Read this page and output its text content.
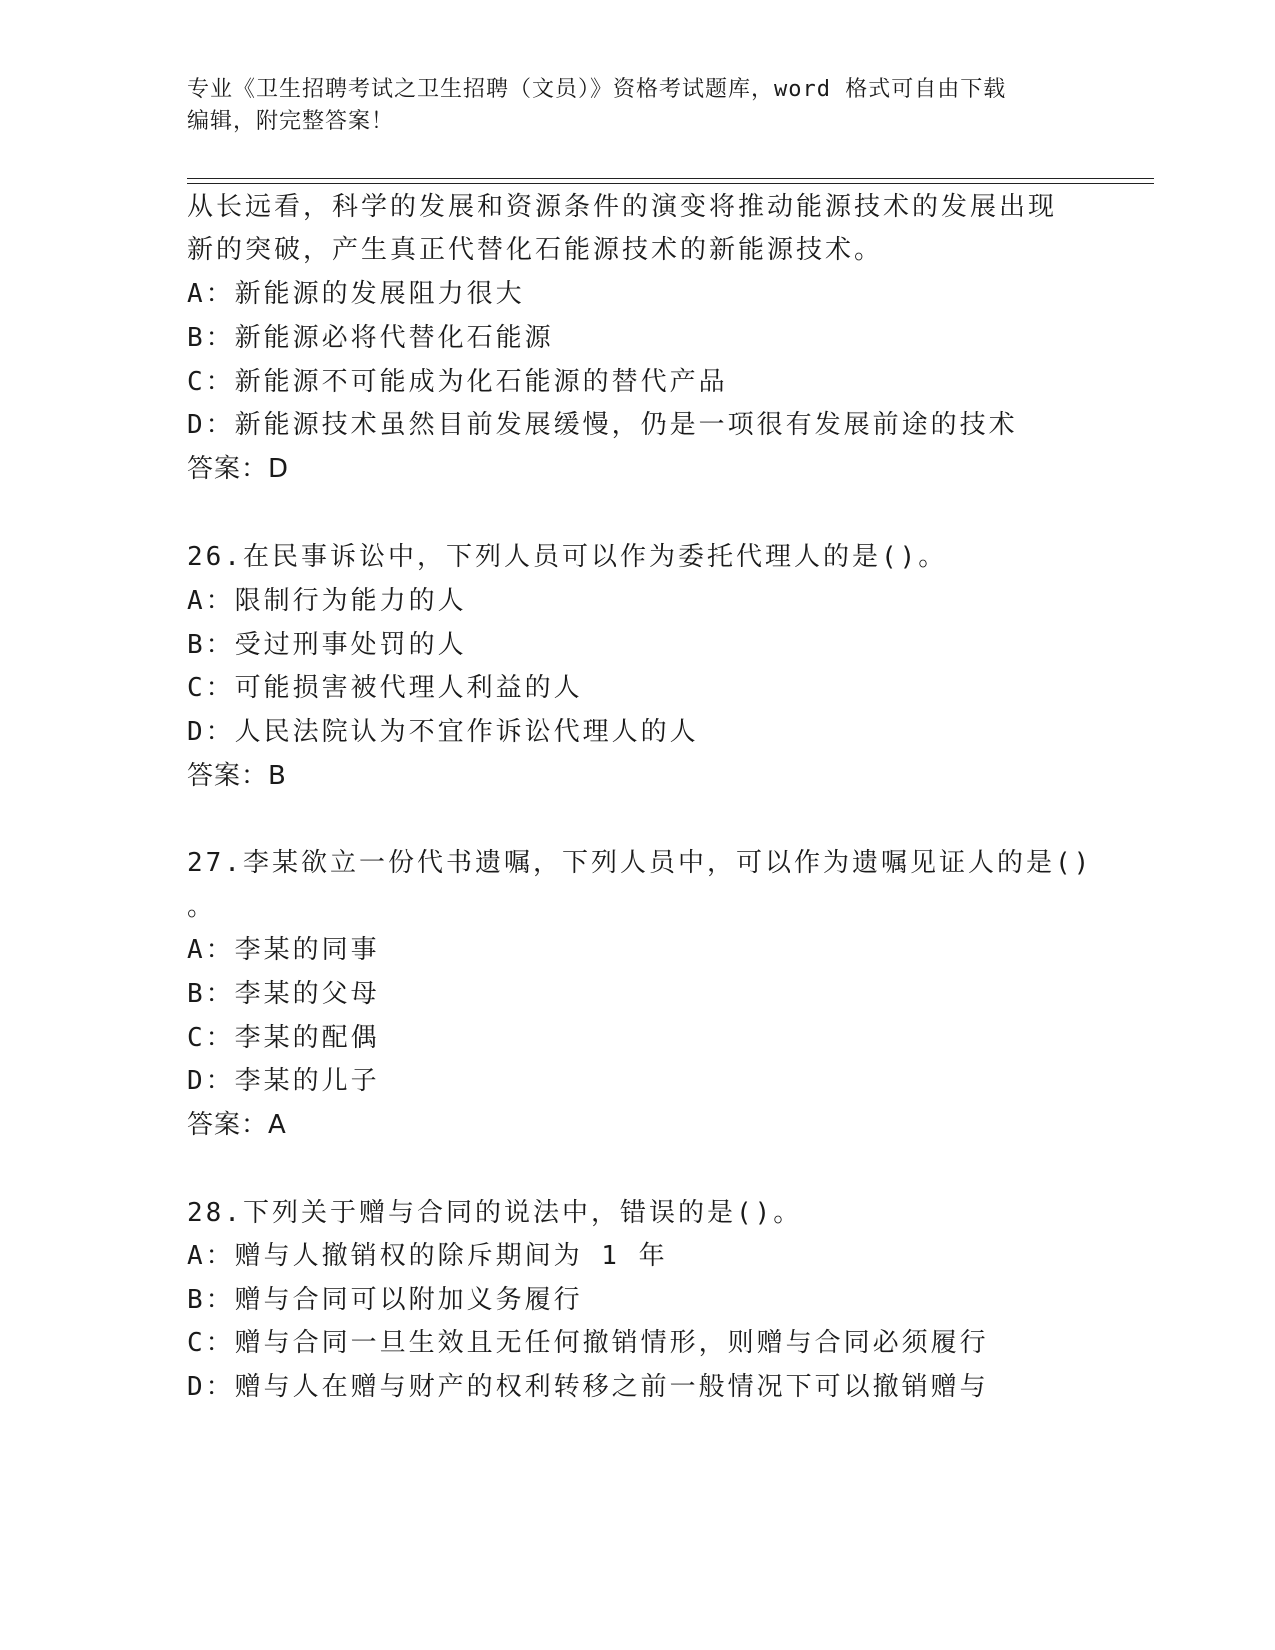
专业《卫生招聘考试之卫生招聘（文员）》资格考试题库，word 格式可自由下载
编辑，附完整答案！
从长远看，科学的发展和资源条件的演变将推动能源技术的发展出现
新的突破，产生真正代替化石能源技术的新能源技术。
A：新能源的发展阻力很大
B：新能源必将代替化石能源
C：新能源不可能成为化石能源的替代产品
D：新能源技术虽然目前发展缓慢，仍是一项很有发展前途的技术
答案：D
26.在民事诉讼中，下列人员可以作为委托代理人的是()。
A：限制行为能力的人
B：受过刑事处罚的人
C：可能损害被代理人利益的人
D：人民法院认为不宜作诉讼代理人的人
答案：B
27.李某欲立一份代书遗嘱，下列人员中，可以作为遗嘱见证人的是()
。
A：李某的同事
B：李某的父母
C：李某的配偶
D：李某的儿子
答案：A
28.下列关于赠与合同的说法中，错误的是()。
A：赠与人撤销权的除斥期间为 1 年
B：赠与合同可以附加义务履行
C：赠与合同一旦生效且无任何撤销情形，则赠与合同必须履行
D：赠与人在赠与财产的权利转移之前一般情况下可以撤销赠与
